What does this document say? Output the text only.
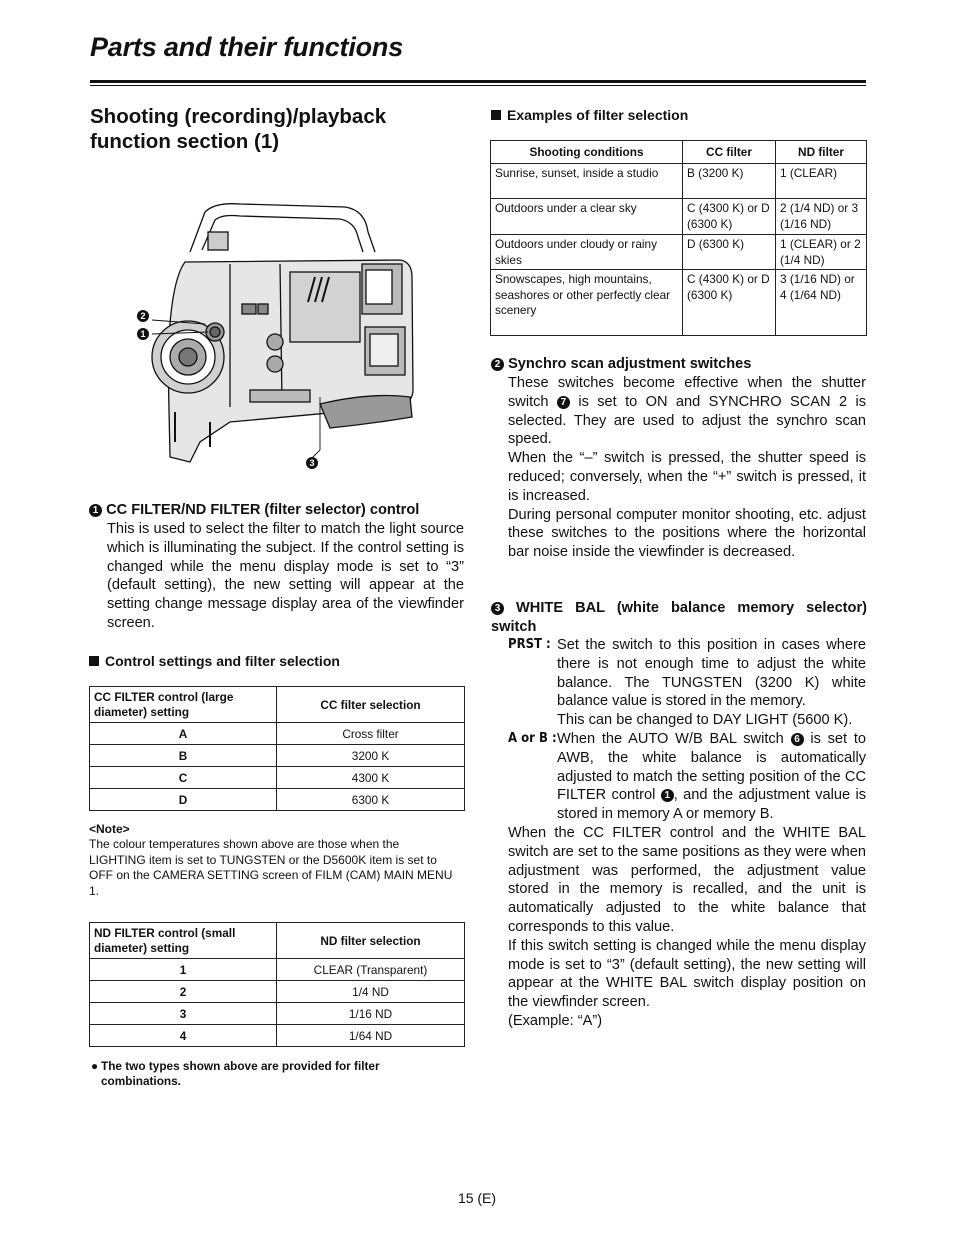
Parts and their functions
Shooting (recording)/playback function section (1)
2
1
3
1 CC FILTER/ND FILTER (filter selector) control
This is used to select the filter to match the light source which is illuminating the subject. If the control setting is changed while the menu display mode is set to “3” (default setting), the new setting will appear at the setting change message display area of the viewfinder screen.
Control settings and filter selection
CC FILTER control (large diameter) setting	CC filter selection
A	Cross filter
B	3200 K
C	4300 K
D	6300 K
<Note>
The colour temperatures shown above are those when the LIGHTING item is set to TUNGSTEN or the D5600K item is set to OFF on the CAMERA SETTING screen of FILM (CAM) MAIN MENU 1.
ND FILTER control (small diameter) setting	ND filter selection
1	CLEAR (Transparent)
2	1/4 ND
3	1/16 ND
4	1/64 ND
● The two types shown above are provided for filter combinations.
Examples of filter selection
Shooting conditions	CC filter	ND filter
Sunrise, sunset, inside a studio	B (3200 K)	1 (CLEAR)
Outdoors under a clear sky	C (4300 K) or D (6300 K)	2 (1/4 ND) or 3 (1/16 ND)
Outdoors under cloudy or rainy skies	D (6300 K)	1 (CLEAR) or 2 (1/4 ND)
Snowscapes, high mountains, seashores or other perfectly clear scenery	C (4300 K) or D (6300 K)	3 (1/16 ND) or 4 (1/64 ND)
2 Synchro scan adjustment switches
These switches become effective when the shutter switch 7 is set to ON and SYNCHRO SCAN 2 is selected. They are used to adjust the synchro scan speed.
When the “–” switch is pressed, the shutter speed is reduced; conversely, when the “+” switch is pressed, it is increased.
During personal computer monitor shooting, etc. adjust these switches to the positions where the horizontal bar noise inside the viewfinder is decreased.
3 WHITE BAL (white balance memory selector) switch
PRST : Set the switch to this position in cases where there is not enough time to adjust the white balance. The TUNGSTEN (3200 K) white balance value is stored in the memory.
This can be changed to DAY LIGHT (5600 K).
A or B : When the AUTO W/B BAL switch 6 is set to AWB, the white balance is automatically adjusted to match the setting position of the CC FILTER control 1 , and the adjustment value is stored in memory A or memory B.
When the CC FILTER control and the WHITE BAL switch are set to the same positions as they were when adjustment was performed, the adjustment value stored in the memory is recalled, and the unit is automatically adjusted to the white balance that corresponds to this value.
If this switch setting is changed while the menu display mode is set to “3” (default setting), the new setting will appear at the WHITE BAL switch display position on the viewfinder screen.
(Example: “A”)
15 (E)
